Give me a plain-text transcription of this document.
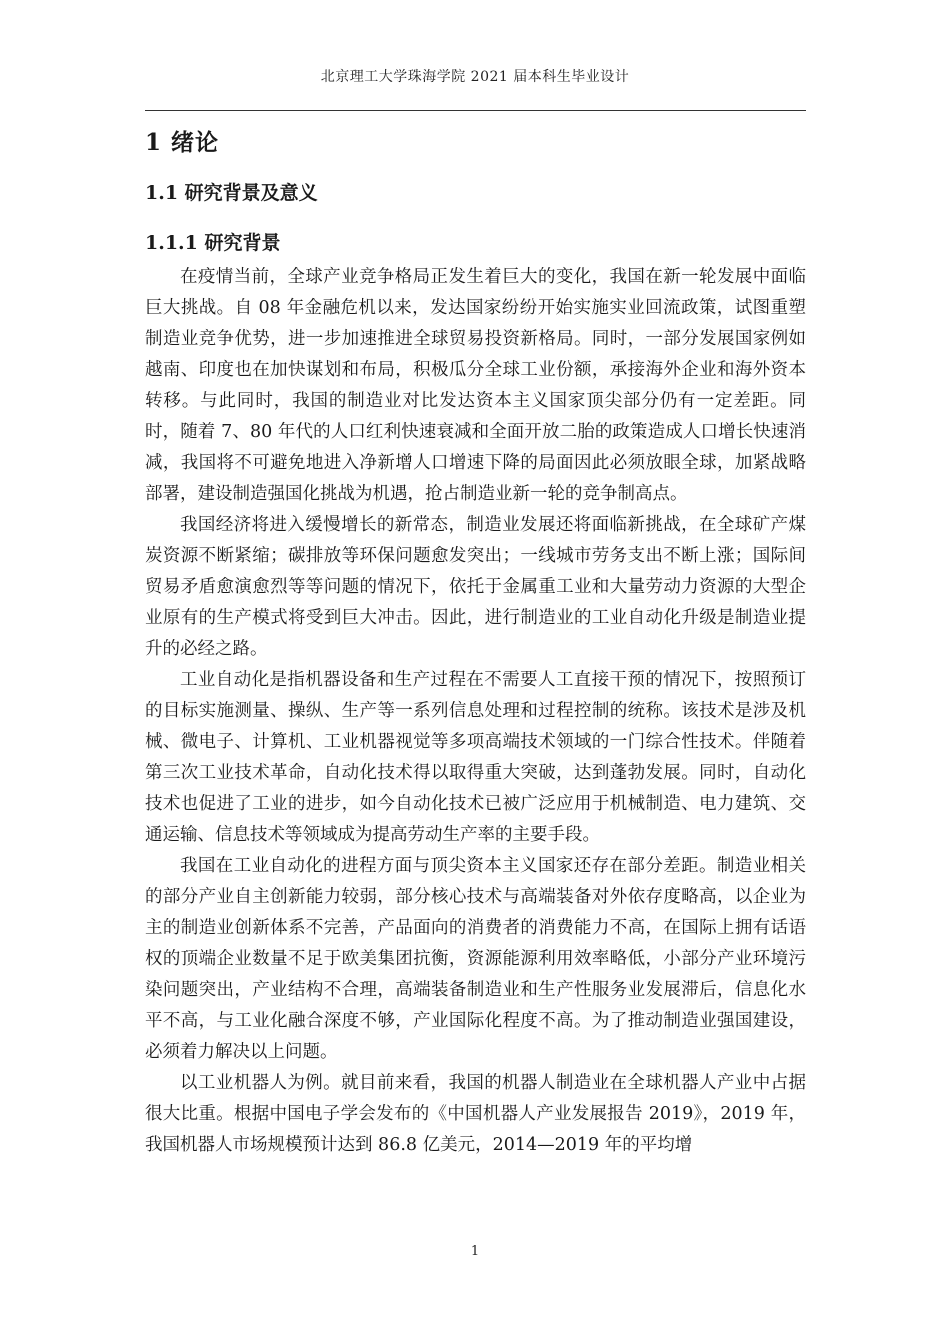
北京理工大学珠海学院 2021 届本科生毕业设计
1 绪论
1.1 研究背景及意义
1.1.1 研究背景

在疫情当前，全球产业竞争格局正发生着巨大的变化，我国在新一轮发展中面临巨大挑战。自 08 年金融危机以来，发达国家纷纷开始实施实业回流政策，试图重塑制造业竞争优势，进一步加速推进全球贸易投资新格局。同时，一部分发展国家例如越南、印度也在加快谋划和布局，积极瓜分全球工业份额，承接海外企业和海外资本转移。与此同时，我国的制造业对比发达资本主义国家顶尖部分仍有一定差距。同时，随着 7、80 年代的人口红利快速衰减和全面开放二胎的政策造成人口增长快速消减，我国将不可避免地进入净新增人口增速下降的局面因此必须放眼全球，加紧战略部署，建设制造强国化挑战为机遇，抢占制造业新一轮的竞争制高点。

我国经济将进入缓慢增长的新常态，制造业发展还将面临新挑战，在全球矿产煤炭资源不断紧缩；碳排放等环保问题愈发突出；一线城市劳务支出不断上涨；国际间贸易矛盾愈演愈烈等等问题的情况下，依托于金属重工业和大量劳动力资源的大型企业原有的生产模式将受到巨大冲击。因此，进行制造业的工业自动化升级是制造业提升的必经之路。

工业自动化是指机器设备和生产过程在不需要人工直接干预的情况下，按照预订的目标实施测量、操纵、生产等一系列信息处理和过程控制的统称。该技术是涉及机械、微电子、计算机、工业机器视觉等多项高端技术领域的一门综合性技术。伴随着第三次工业技术革命，自动化技术得以取得重大突破，达到蓬勃发展。同时，自动化技术也促进了工业的进步，如今自动化技术已被广泛应用于机械制造、电力建筑、交通运输、信息技术等领域成为提高劳动生产率的主要手段。

我国在工业自动化的进程方面与顶尖资本主义国家还存在部分差距。制造业相关的部分产业自主创新能力较弱，部分核心技术与高端装备对外依存度略高，以企业为主的制造业创新体系不完善，产品面向的消费者的消费能力不高，在国际上拥有话语权的顶端企业数量不足于欧美集团抗衡，资源能源利用效率略低，小部分产业环境污染问题突出，产业结构不合理，高端装备制造业和生产性服务业发展滞后，信息化水平不高，与工业化融合深度不够，产业国际化程度不高。为了推动制造业强国建设，必须着力解决以上问题。

以工业机器人为例。就目前来看，我国的机器人制造业在全球机器人产业中占据很大比重。根据中国电子学会发布的《中国机器人产业发展报告 2019》，2019 年，我国机器人市场规模预计达到 86.8 亿美元，2014—2019 年的平均增

1
